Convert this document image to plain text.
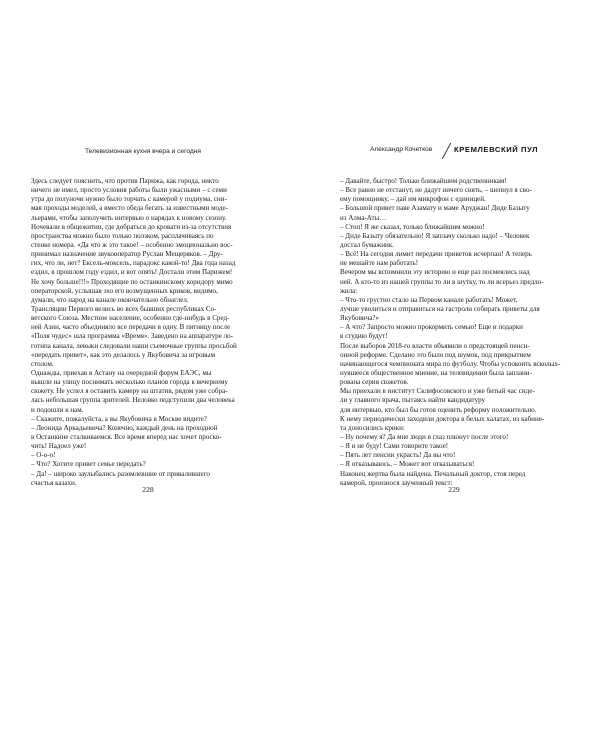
Телевизионная кухня вчера и сегодня
Здесь следует пояснить, что против Парижа, как города, никто
ничего не имел, просто условия работы были ужасными – с семи
утра до полуночи нужно было торчать с камерой у подиума, сни-
мая проходы моделей, а вместо обеда бегать за известными моде-
льерами, чтобы заполучить интервью о нарядах к новому сезону.
Ночевали в общежитии, где добраться до кровати из-за отсутствия
пространства можно было только ползком, расплачиваясь по
стенке номера. «Да что ж это такое! – особенно эмоционально вос-
принимал назначение звукооператор Руслан Мещеряков. – Дру-
гих, что ли, нет? Ексель-моксель, парадокс какой-то! Два года назад
ездил, в прошлом году ездил, и вот опять! Достали этим Парижем!
Не хочу больше!!!» Проходящие по останкинскому коридору мимо
операторской, услышав эхо его возмущенных криков, видимо,
думали, что народ на канале окончательно обнаглел.
Трансляции Первого велись во всех бывших республиках Со-
ветского Союза. Местное население, особенно где-нибудь в Сред-
ней Азии, часто объединяло все передачи в одну. В пятницу после
«Поля чудес» шла программа «Время». Заведено на аппаратуре ло-
готипа канала, левыки следовали наши съемочные группы просьбой
«передать привет», как это делалось у Якубовича за игровым
столом.
Однажды, приехав в Астану на очередной форум ЕАЭС, мы
вышли на улицу поснимать несколько планов города к вечернему
сюжету. Не успел я оставить камеру на штатив, рядом уже собра-
лась небольшая группа зрителей. Неловко подступили два человека
и подошли к нам.
– Скажите, пожалуйста, а вы Якубовича в Москве видите?
– Леонида Аркадьевича? Конечно, каждый день на проходной
в Останкине сталкиваемся. Все время вперед нас хочет проско-
чить! Надоел уже!
– О-о-о!
– Что? Хотите привет семье передать?
– Да! – широко заулыбались разомлевшие от привалившего
счастья казахи.
228	229
Александр Кочетков	КРЕМЛЕВСКИЙ ПУЛ
– Давайте, быстро! Только ближайшим родственникам!
– Все равно не отстанут, не дадут ничего снять, – шепнул я сво-
ему помощнику, – дай им микрофон с единицей.
– Большой привет паве Азамату и маме Аруджан! Диде Базыту
из Алма-Аты…
– Стоп! Я же сказал, только ближайшим можно!
– Диде Базыту обязательно! Я заплачу сколько надо! – Человек
достал бумажник.
– Всё! На сегодня лимит передачи приветов исчерпан! А теперь
не мешайте нам работать!
Вечером мы вспомнили эту историю и еще раз посмеялись над
ней. А кто-то из нашей группы то ли в шутку, то ли всерьез предло-
жила:
– Что-то грустно стало на Первом канале работать! Может,
лучше уволиться и отправиться на гастроли собирать приветы для
Якубовича?»
– А что? Запросто можно прокормить семью! Еще и подарки
в студию будут!
После выборов 2018-го власти объявили о предстоящей пенси-
онной реформе. Сделано это было под шумок, под прикрытием
начинающегося чемпионата мира по футболу. Чтобы успокоить всколых-
нувшееся общественное мнение, на телевидении была заплани-
рована серия сюжетов.
Мы приехали в институт Склифосовского и уже битый час сиде-
ли у главного врача, пытаясь найти кандидатуру
для интервью, кто был бы готов оценить реформу положительно.
К нему периодически заходили доктора в белых халатах, из кабине-
та доносились крики:
– Ну почему я? Да мне люди в глаз плюнут после этого!
– Я и не буду! Сами говорите такое!
– Пять лет пенсии украсть! Да вы что!
– Я отказываюсь, – Может вот отказываться!
Наконец жертва была найдена. Печальный доктор, стоя перед
камерой, произнося заученный текст:
